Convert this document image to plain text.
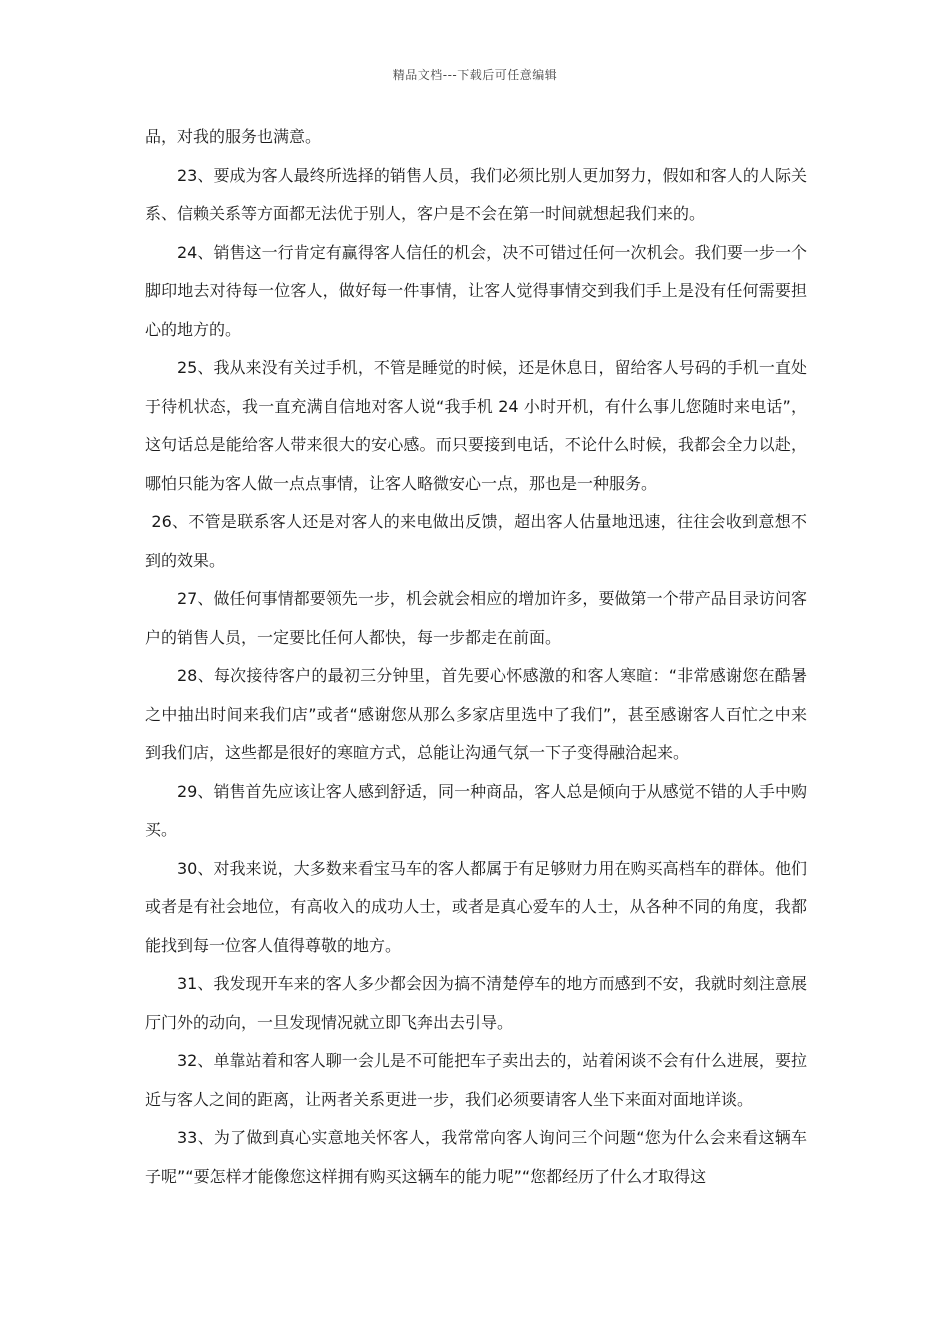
精品文档---下载后可任意编辑

品，对我的服务也满意。

23、要成为客人最终所选择的销售人员，我们必须比别人更加努力，假如和客人的人际关系、信赖关系等方面都无法优于别人，客户是不会在第一时间就想起我们来的。

24、销售这一行肯定有赢得客人信任的机会，决不可错过任何一次机会。我们要一步一个脚印地去对待每一位客人，做好每一件事情，让客人觉得事情交到我们手上是没有任何需要担心的地方的。

25、我从来没有关过手机，不管是睡觉的时候，还是休息日，留给客人号码的手机一直处于待机状态，我一直充满自信地对客人说“我手机 24 小时开机，有什么事儿您随时来电话”，这句话总是能给客人带来很大的安心感。而只要接到电话，不论什么时候，我都会全力以赴，哪怕只能为客人做一点点事情，让客人略微安心一点，那也是一种服务。

26、不管是联系客人还是对客人的来电做出反馈，超出客人估量地迅速，往往会收到意想不到的效果。

27、做任何事情都要领先一步，机会就会相应的增加许多，要做第一个带产品目录访问客户的销售人员，一定要比任何人都快，每一步都走在前面。

28、每次接待客户的最初三分钟里，首先要心怀感激的和客人寒暄：“非常感谢您在酷暑之中抽出时间来我们店”或者“感谢您从那么多家店里选中了我们”，甚至感谢客人百忙之中来到我们店，这些都是很好的寒暄方式，总能让沟通气氛一下子变得融洽起来。

29、销售首先应该让客人感到舒适，同一种商品，客人总是倾向于从感觉不错的人手中购买。

30、对我来说，大多数来看宝马车的客人都属于有足够财力用在购买高档车的群体。他们或者是有社会地位，有高收入的成功人士，或者是真心爱车的人士，从各种不同的角度，我都能找到每一位客人值得尊敬的地方。

31、我发现开车来的客人多少都会因为搞不清楚停车的地方而感到不安，我就时刻注意展厅门外的动向，一旦发现情况就立即飞奔出去引导。

32、单靠站着和客人聊一会儿是不可能把车子卖出去的，站着闲谈不会有什么进展，要拉近与客人之间的距离，让两者关系更进一步，我们必须要请客人坐下来面对面地详谈。

33、为了做到真心实意地关怀客人，我常常向客人询问三个问题“您为什么会来看这辆车子呢”“要怎样才能像您这样拥有购买这辆车的能力呢”“您都经历了什么才取得这
